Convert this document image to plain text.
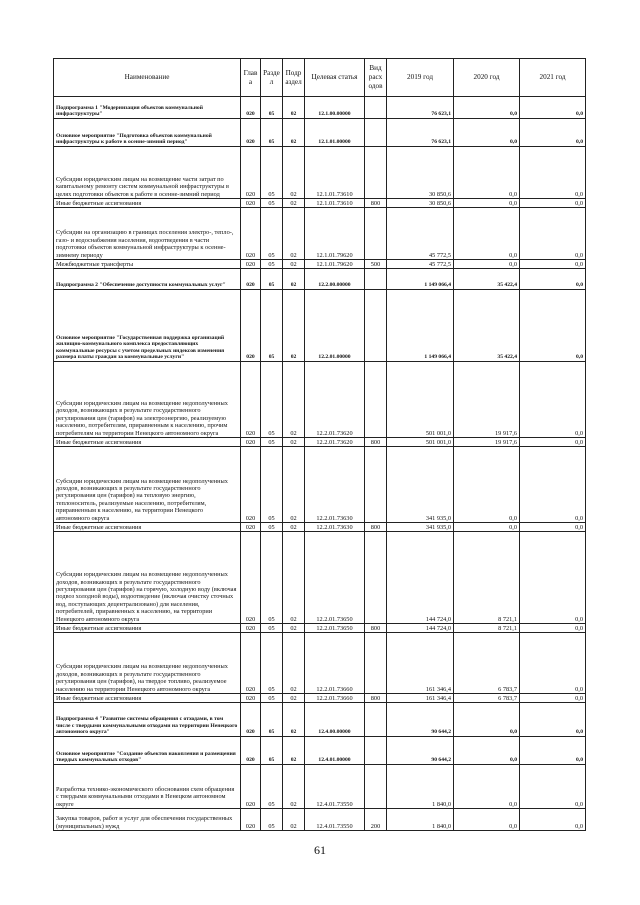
Наименование	Глав а	Разде л	Подр аздел	Целевая статья	Вид расх одов	2019 год	2020 год	2021 год
Подпрограмма 1 "Модернизация объектов коммунальной инфраструктуры"	020	05	02	12.1.00.00000		76 623,1	0,0	0,0
Основное мероприятие "Подготовка объектов коммунальной инфраструктуры к работе в осенне-зимний период"	020	05	02	12.1.01.00000		76 623,1	0,0	0,0
Субсидии юридическим лицам на возмещение части затрат по капитальному ремонту систем коммунальной инфраструктуры в целях подготовки объектов к работе в осенне-зимний период	020	05	02	12.1.01.73610		30 850,6	0,0	0,0
Иные бюджетные ассигнования	020	05	02	12.1.01.73610	800	30 850,6	0,0	0,0
Субсидии на организацию в границах поселения электро-, тепло-, газо- и водоснабжения населения, водоотведения в части подготовки объектов коммунальной инфраструктуры к осенне-зимнему периоду	020	05	02	12.1.01.79620		45 772,5	0,0	0,0
Межбюджетные трансферты	020	05	02	12.1.01.79620	500	45 772,5	0,0	0,0
Подпрограмма 2 "Обеспечение доступности коммунальных услуг"	020	05	02	12.2.00.00000		1 149 066,4	35 422,4	0,0
Основное мероприятие "Государственная поддержка организаций жилищно-коммунального комплекса предоставляющих коммунальные ресурсы с учетом предельных индексов изменения размера платы граждан за коммунальные услуги"	020	05	02	12.2.01.00000		1 149 066,4	35 422,4	0,0
Субсидии юридическим лицам на возмещение недополученных доходов, возникающих в результате государственного регулирования цен (тарифов) на электроэнергию, реализуемую населению, потребителям, приравненным к населению, прочим потребителям на территории Ненецкого автономного округа	020	05	02	12.2.01.73620		501 001,0	19 917,6	0,0
Иные бюджетные ассигнования	020	05	02	12.2.01.73620	800	501 001,0	19 917,6	0,0
Субсидии юридическим лицам на возмещение недополученных доходов, возникающих в результате государственного регулирования цен (тарифов) на тепловую энергию, теплоноситель, реализуемые населению, потребителям, приравненным к населению, на территории Ненецкого автономного округа	020	05	02	12.2.01.73630		341 935,0	0,0	0,0
Иные бюджетные ассигнования	020	05	02	12.2.01.73630	800	341 935,0	0,0	0,0
Субсидии юридическим лицам на возмещение недополученных доходов, возникающих в результате государственного регулирования цен (тарифов) на горячую, холодную воду (включая подвоз холодной воды), водоотведение (включая очистку сточных вод, поступающих децентрализовано) для населения, потребителей, приравненных к населению, на территории Ненецкого автономного округа	020	05	02	12.2.01.73650		144 724,0	8 721,1	0,0
Иные бюджетные ассигнования	020	05	02	12.2.01.73650	800	144 724,0	8 721,1	0,0
Субсидии юридическим лицам на возмещение недополученных доходов, возникающих в результате государственного регулирования цен (тарифов), на твердое топливо, реализуемое населению на территории Ненецкого автономного округа	020	05	02	12.2.01.73660		161 346,4	6 783,7	0,0
Иные бюджетные ассигнования	020	05	02	12.2.01.73660	800	161 346,4	6 783,7	0,0
Подпрограмма 4 "Развитие системы обращения с отходами, в том числе с твердыми коммунальными отходами на территории Ненецкого автономного округа"	020	05	02	12.4.00.00000		90 644,2	0,0	0,0
Основное мероприятие "Создание объектов накопления и размещения твердых коммунальных отходов"	020	05	02	12.4.01.00000		90 644,2	0,0	0,0
Разработка технико-экономического обоснования схем обращения с твердыми коммунальными отходами в Ненецком автономном округе	020	05	02	12.4.01.73550		1 840,0	0,0	0,0
Закупка товаров, работ и услуг для обеспечения государственных (муниципальных) нужд	020	05	02	12.4.01.73550	200	1 840,0	0,0	0,0
61
